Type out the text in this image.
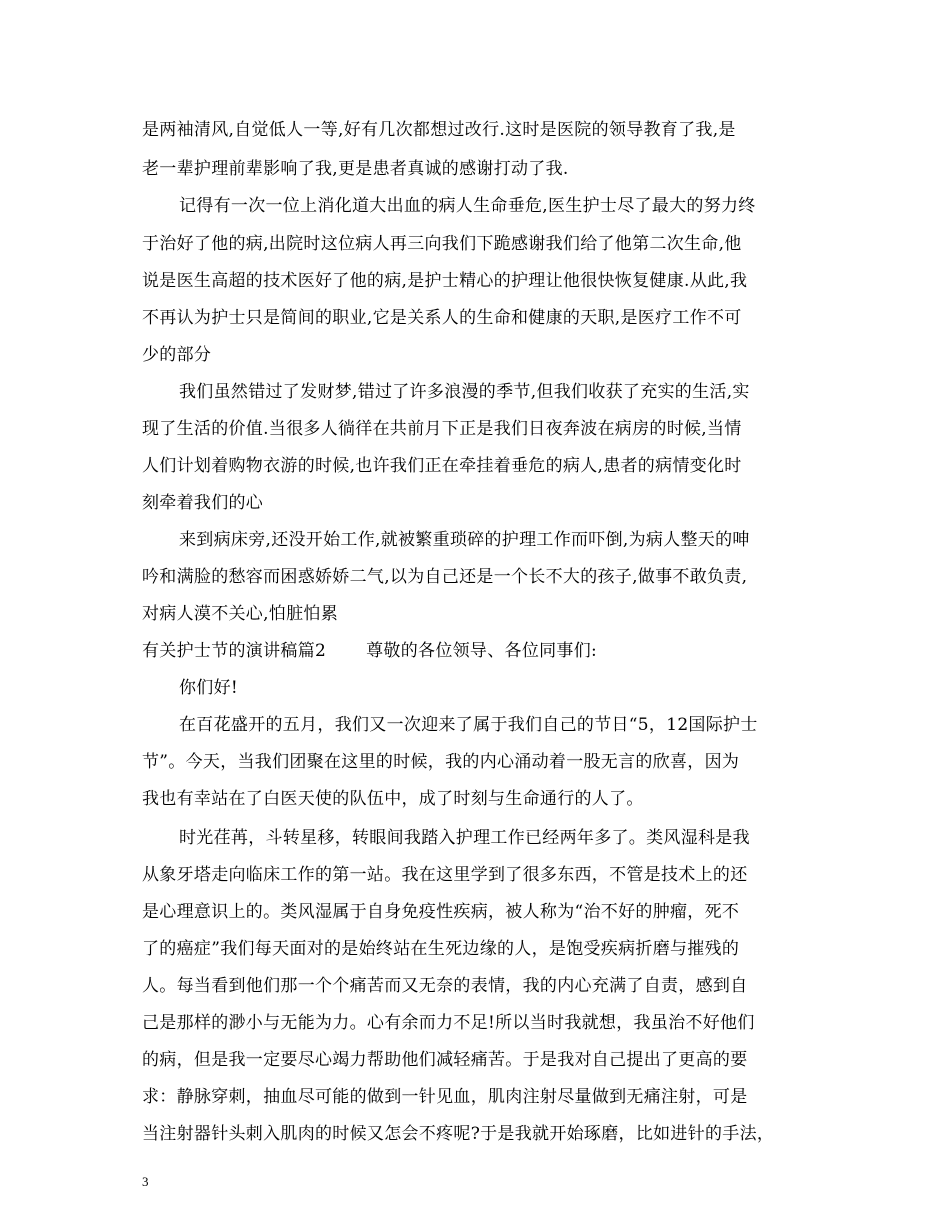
是两袖清风,自觉低人一等,好有几次都想过改行.这时是医院的领导教育了我,是
老一辈护理前辈影响了我,更是患者真诚的感谢打动了我.
记得有一次一位上消化道大出血的病人生命垂危,医生护士尽了最大的努力终
于治好了他的病,出院时这位病人再三向我们下跪感谢我们给了他第二次生命,他
说是医生高超的技术医好了他的病,是护士精心的护理让他很快恢复健康.从此,我
不再认为护士只是简间的职业,它是关系人的生命和健康的天职,是医疗工作不可
少的部分
我们虽然错过了发财梦,错过了许多浪漫的季节,但我们收获了充实的生活,实
现了生活的价值.当很多人徜徉在共前月下正是我们日夜奔波在病房的时候,当情
人们计划着购物衣游的时候,也许我们正在牵挂着垂危的病人,患者的病情变化时
刻牵着我们的心
来到病床旁,还没开始工作,就被繁重琐碎的护理工作而吓倒,为病人整天的呻
吟和满脸的愁容而困惑娇娇二气,以为自己还是一个长不大的孩子,做事不敢负责,
对病人漠不关心,怕脏怕累
有关护士节的演讲稿篇2 尊敬的各位领导、各位同事们:
你们好!
在百花盛开的五月，我们又一次迎来了属于我们自己的节日“5，12国际护士
节”。今天，当我们团聚在这里的时候，我的内心涌动着一股无言的欣喜，因为
我也有幸站在了白医天使的队伍中，成了时刻与生命通行的人了。
时光荏苒，斗转星移，转眼间我踏入护理工作已经两年多了。类风湿科是我
从象牙塔走向临床工作的第一站。我在这里学到了很多东西，不管是技术上的还
是心理意识上的。类风湿属于自身免疫性疾病，被人称为“治不好的肿瘤，死不
了的癌症”我们每天面对的是始终站在生死边缘的人，是饱受疾病折磨与摧残的
人。每当看到他们那一个个痛苦而又无奈的表情，我的内心充满了自责，感到自
己是那样的渺小与无能为力。心有余而力不足!所以当时我就想，我虽治不好他们
的病，但是我一定要尽心竭力帮助他们减轻痛苦。于是我对自己提出了更高的要
求：静脉穿刺，抽血尽可能的做到一针见血，肌肉注射尽量做到无痛注射，可是
当注射器针头刺入肌肉的时候又怎会不疼呢?于是我就开始琢磨，比如进针的手法，
3
